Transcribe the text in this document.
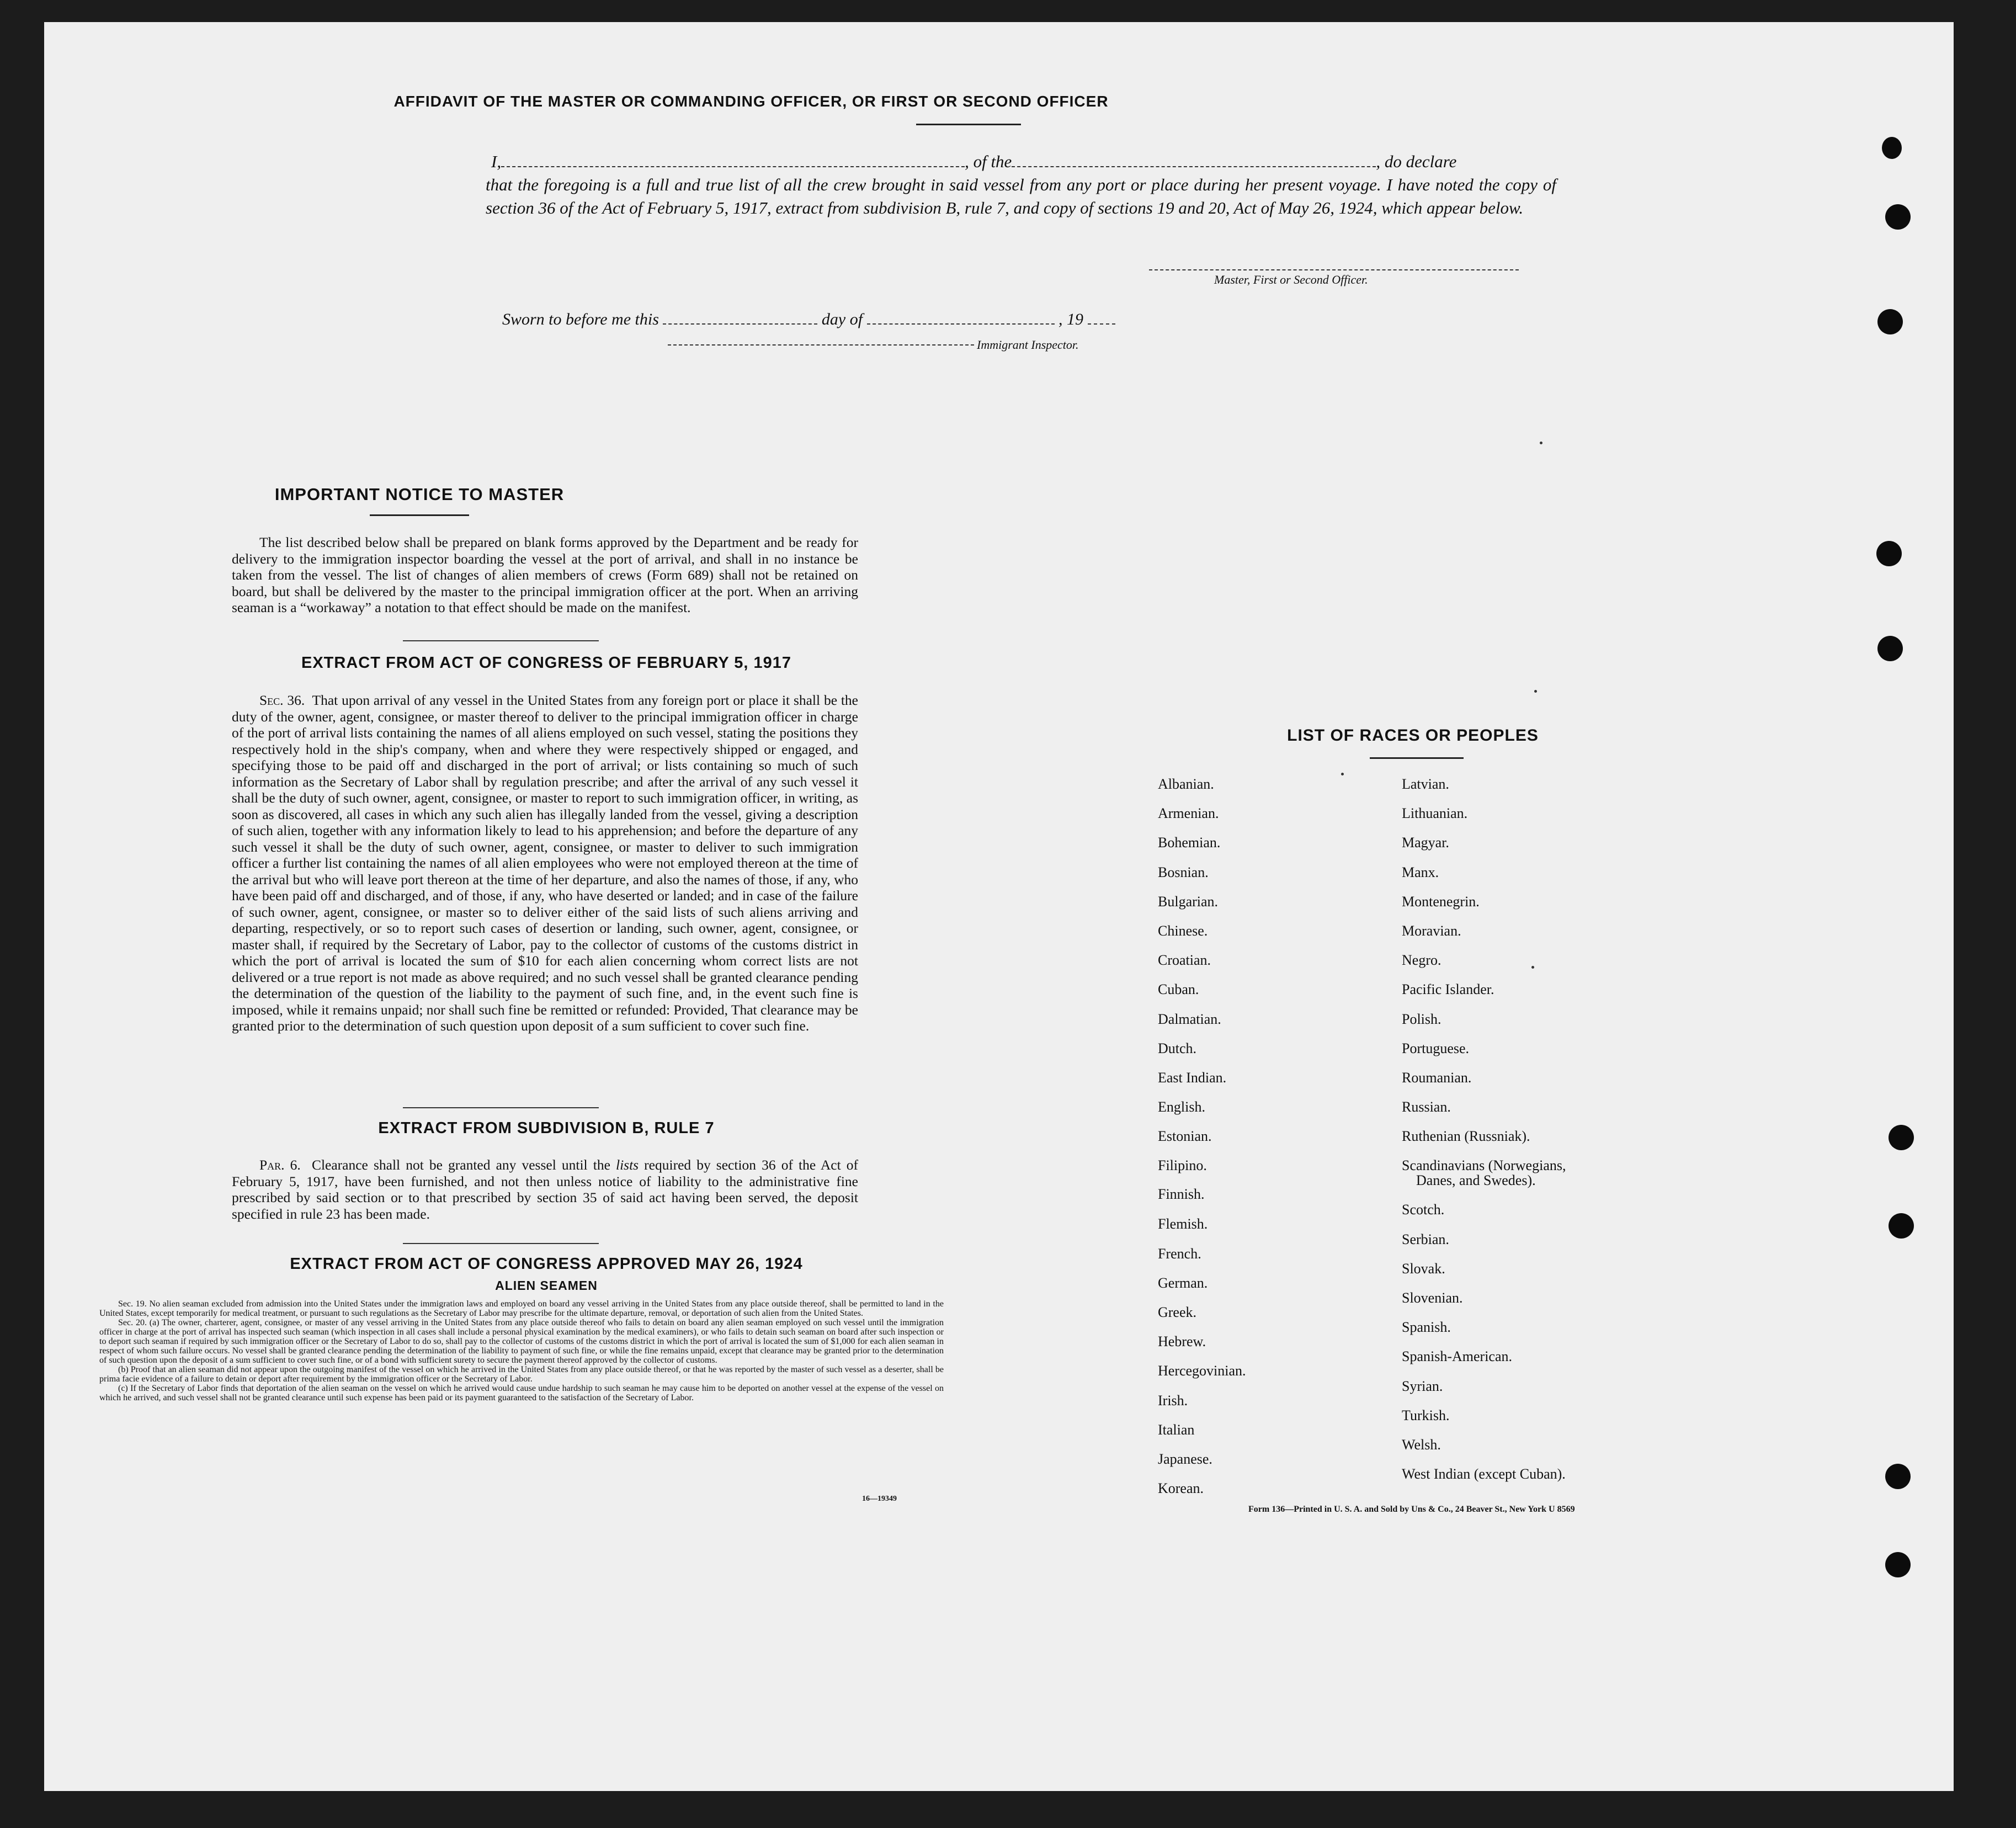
AFFIDAVIT OF THE MASTER OR COMMANDING OFFICER, OR FIRST OR SECOND OFFICER
I,	, of the	, do declare
that the foregoing is a full and true list of all the crew brought in said vessel from any port or place during her present voyage. I have noted the copy of section 36 of the Act of February 5, 1917, extract from subdivision B, rule 7, and copy of sections 19 and 20, Act of May 26, 1924, which appear below.
Master, First or Second Officer.
Sworn to before me this	day of	, 19
Immigrant Inspector.
IMPORTANT NOTICE TO MASTER

The list described below shall be prepared on blank forms approved by the Department and be ready for delivery to the immigration inspector boarding the vessel at the port of arrival, and shall in no instance be taken from the vessel. The list of changes of alien members of crews (Form 689) shall not be retained on board, but shall be delivered by the master to the principal immigration officer at the port. When an arriving seaman is a “workaway” a notation to that effect should be made on the manifest.

EXTRACT FROM ACT OF CONGRESS OF FEBRUARY 5, 1917

Sec. 36. That upon arrival of any vessel in the United States from any foreign port or place it shall be the duty of the owner, agent, consignee, or master thereof to deliver to the principal immigration officer in charge of the port of arrival lists containing the names of all aliens employed on such vessel, stating the positions they respectively hold in the ship's company, when and where they were respectively shipped or engaged, and specifying those to be paid off and discharged in the port of arrival; or lists containing so much of such information as the Secretary of Labor shall by regulation prescribe; and after the arrival of any such vessel it shall be the duty of such owner, agent, consignee, or master to report to such immigration officer, in writing, as soon as discovered, all cases in which any such alien has illegally landed from the vessel, giving a description of such alien, together with any information likely to lead to his apprehension; and before the departure of any such vessel it shall be the duty of such owner, agent, consignee, or master to deliver to such immigration officer a further list containing the names of all alien employees who were not employed thereon at the time of the arrival but who will leave port thereon at the time of her departure, and also the names of those, if any, who have been paid off and discharged, and of those, if any, who have deserted or landed; and in case of the failure of such owner, agent, consignee, or master so to deliver either of the said lists of such aliens arriving and departing, respectively, or so to report such cases of desertion or landing, such owner, agent, consignee, or master shall, if required by the Secretary of Labor, pay to the collector of customs of the customs district in which the port of arrival is located the sum of $10 for each alien concerning whom correct lists are not delivered or a true report is not made as above required; and no such vessel shall be granted clearance pending the determination of the question of the liability to the payment of such fine, and, in the event such fine is imposed, while it remains unpaid; nor shall such fine be remitted or refunded: Provided, That clearance may be granted prior to the determination of such question upon deposit of a sum sufficient to cover such fine.

EXTRACT FROM SUBDIVISION B, RULE 7

Par. 6. Clearance shall not be granted any vessel until the lists required by section 36 of the Act of February 5, 1917, have been furnished, and not then unless notice of liability to the administrative fine prescribed by said section or to that prescribed by section 35 of said act having been served, the deposit specified in rule 23 has been made.

EXTRACT FROM ACT OF CONGRESS APPROVED MAY 26, 1924
ALIEN SEAMEN

Sec. 19. No alien seaman excluded from admission into the United States under the immigration laws and employed on board any vessel arriving in the United States from any place outside thereof, shall be permitted to land in the United States, except temporarily for medical treatment, or pursuant to such regulations as the Secretary of Labor may prescribe for the ultimate departure, removal, or deportation of such alien from the United States.

Sec. 20. (a) The owner, charterer, agent, consignee, or master of any vessel arriving in the United States from any place outside thereof who fails to detain on board any alien seaman employed on such vessel until the immigration officer in charge at the port of arrival has inspected such seaman (which inspection in all cases shall include a personal physical examination by the medical examiners), or who fails to detain such seaman on board after such inspection or to deport such seaman if required by such immigration officer or the Secretary of Labor to do so, shall pay to the collector of customs of the customs district in which the port of arrival is located the sum of $1,000 for each alien seaman in respect of whom such failure occurs. No vessel shall be granted clearance pending the determination of the liability to payment of such fine, or while the fine remains unpaid, except that clearance may be granted prior to the determination of such question upon the deposit of a sum sufficient to cover such fine, or of a bond with sufficient surety to secure the payment thereof approved by the collector of customs.

(b) Proof that an alien seaman did not appear upon the outgoing manifest of the vessel on which he arrived in the United States from any place outside thereof, or that he was reported by the master of such vessel as a deserter, shall be prima facie evidence of a failure to detain or deport after requirement by the immigration officer or the Secretary of Labor.

(c) If the Secretary of Labor finds that deportation of the alien seaman on the vessel on which he arrived would cause undue hardship to such seaman he may cause him to be deported on another vessel at the expense of the vessel on which he arrived, and such vessel shall not be granted clearance until such expense has been paid or its payment guaranteed to the satisfaction of the Secretary of Labor.

16—19349
LIST OF RACES OR PEOPLES
Albanian.
Armenian.
Bohemian.
Bosnian.
Bulgarian.
Chinese.
Croatian.
Cuban.
Dalmatian.
Dutch.
East Indian.
English.
Estonian.
Filipino.
Finnish.
Flemish.
French.
German.
Greek.
Hebrew.
Hercegovinian.
Irish.
Italian
Japanese.
Korean.
Latvian.
Lithuanian.
Magyar.
Manx.
Montenegrin.
Moravian.
Negro.
Pacific Islander.
Polish.
Portuguese.
Roumanian.
Russian.
Ruthenian (Russniak).
Scandinavians (Norwegians,
Danes, and Swedes).
Scotch.
Serbian.
Slovak.
Slovenian.
Spanish.
Spanish-American.
Syrian.
Turkish.
Welsh.
West Indian (except Cuban).
Form 136—Printed in U. S. A. and Sold by Uns & Co., 24 Beaver St., New York U 8569
